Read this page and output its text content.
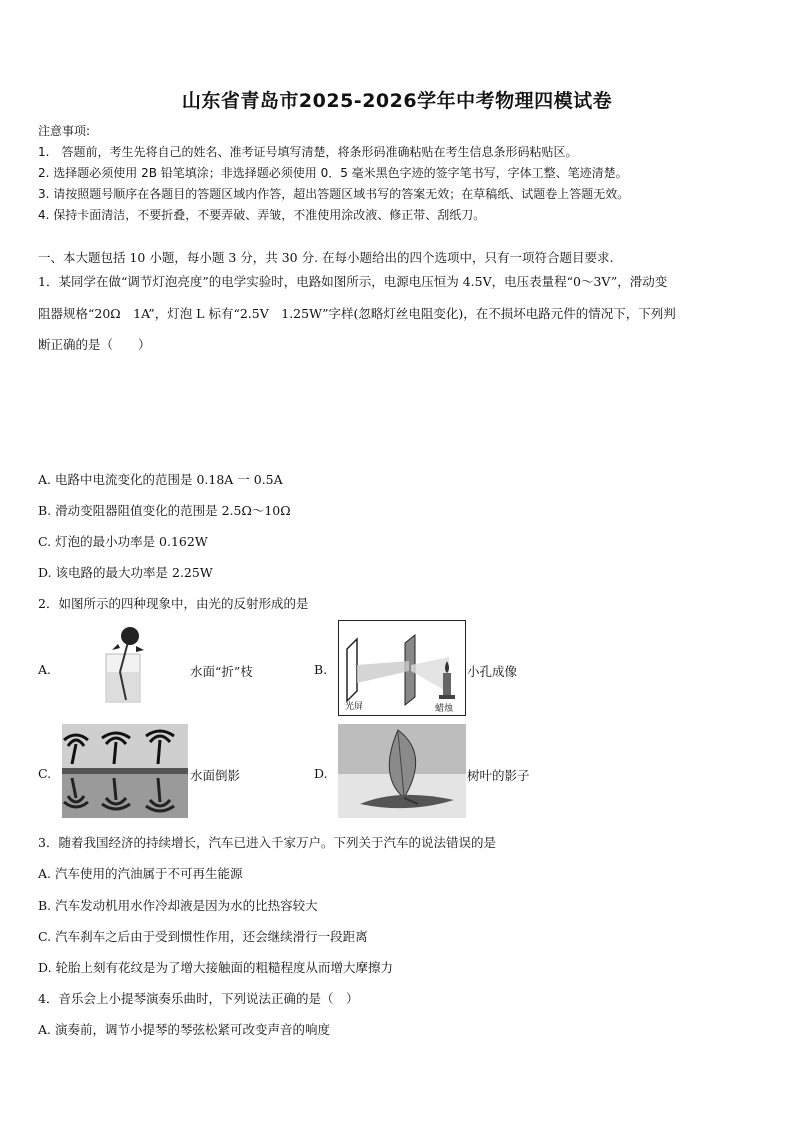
山东省青岛市2025-2026学年中考物理四模试卷
注意事项:
1.　答题前，考生先将自己的姓名、准考证号填写清楚，将条形码准确粘贴在考生信息条形码粘贴区。
2. 选择题必须使用 2B 铅笔填涂；非选择题必须使用 0．5 毫米黑色字迹的签字笔书写，字体工整、笔迹清楚。
3. 请按照题号顺序在各题目的答题区域内作答，超出答题区域书写的答案无效；在草稿纸、试题卷上答题无效。
4. 保持卡面清洁，不要折叠，不要弄破、弄皱，不准使用涂改液、修正带、刮纸刀。
一、本大题包括 10 小题，每小题 3 分，共 30 分. 在每小题给出的四个选项中，只有一项符合题目要求.
1．某同学在做“调节灯泡亮度”的电学实验时，电路如图所示，电源电压恒为 4.5V，电压表量程“0～3V”，滑动变
阻器规格“20Ω　1A”，灯泡 L 标有“2.5V　1.25W”字样(忽略灯丝电阻变化)，在不损坏电路元件的情况下，下列判
断正确的是（　　）
A. 电路中电流变化的范围是 0.18A 一 0.5A
B. 滑动变阻器阻值变化的范围是 2.5Ω～10Ω
C. 灯泡的最小功率是 0.162W
D. 该电路的最大功率是 2.25W
2．如图所示的四种现象中，由光的反射形成的是
A.	水面“折”枝	B.
光屏	蜡烛
小孔成像
C.	水面倒影	D.	树叶的影子
3．随着我国经济的持续增长，汽车已进入千家万户。下列关于汽车的说法错误的是
A. 汽车使用的汽油属于不可再生能源
B. 汽车发动机用水作冷却液是因为水的比热容较大
C. 汽车刹车之后由于受到惯性作用，还会继续滑行一段距离
D. 轮胎上刻有花纹是为了增大接触面的粗糙程度从而增大摩擦力
4．音乐会上小提琴演奏乐曲时，下列说法正确的是（　）
A. 演奏前，调节小提琴的琴弦松紧可改变声音的响度
